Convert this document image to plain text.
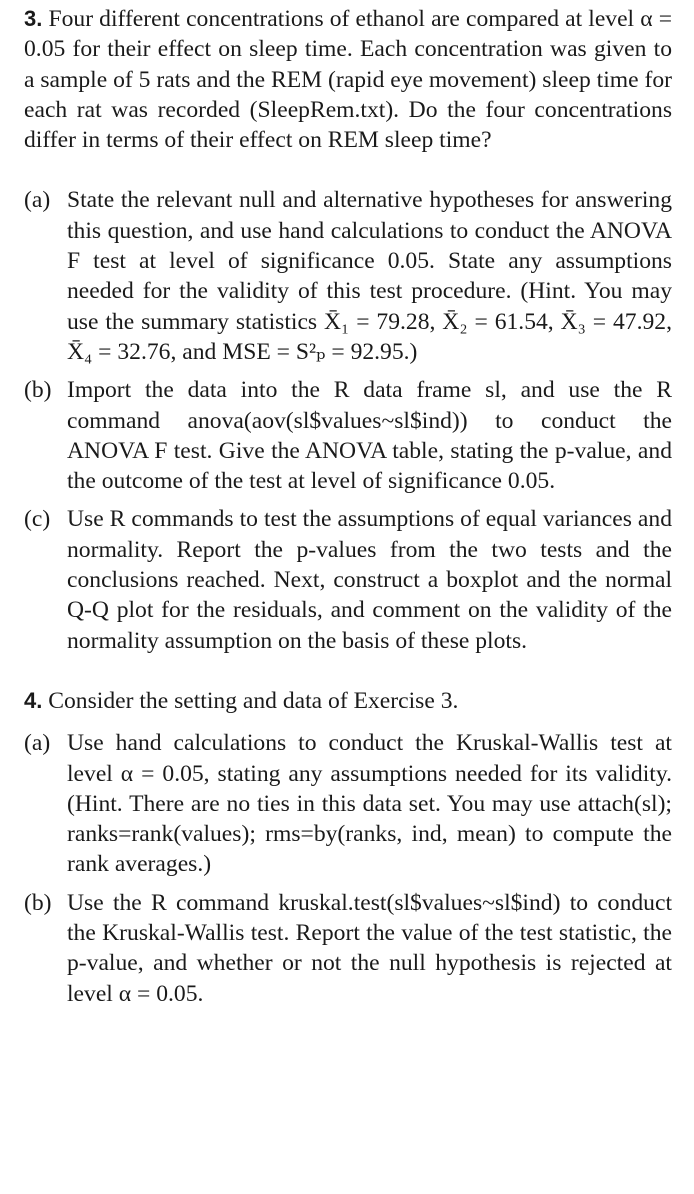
3. Four different concentrations of ethanol are compared at level α = 0.05 for their effect on sleep time. Each concentration was given to a sample of 5 rats and the REM (rapid eye movement) sleep time for each rat was recorded (SleepRem.txt). Do the four concentrations differ in terms of their effect on REM sleep time?
(a) State the relevant null and alternative hypotheses for answering this question, and use hand calculations to conduct the ANOVA F test at level of significance 0.05. State any assumptions needed for the validity of this test procedure. (Hint. You may use the summary statistics X̄₁ = 79.28, X̄₂ = 61.54, X̄₃ = 47.92, X̄₄ = 32.76, and MSE = S²ₚ = 92.95.)
(b) Import the data into the R data frame sl, and use the R command anova(aov(sl$values~sl$ind)) to conduct the ANOVA F test. Give the ANOVA table, stating the p-value, and the outcome of the test at level of significance 0.05.
(c) Use R commands to test the assumptions of equal variances and normality. Report the p-values from the two tests and the conclusions reached. Next, construct a boxplot and the normal Q-Q plot for the residuals, and comment on the validity of the normality assumption on the basis of these plots.
4. Consider the setting and data of Exercise 3.
(a) Use hand calculations to conduct the Kruskal-Wallis test at level α = 0.05, stating any assumptions needed for its validity. (Hint. There are no ties in this data set. You may use attach(sl); ranks=rank(values); rms=by(ranks, ind, mean) to compute the rank averages.)
(b) Use the R command kruskal.test(sl$values~sl$ind) to conduct the Kruskal-Wallis test. Report the value of the test statistic, the p-value, and whether or not the null hypothesis is rejected at level α = 0.05.
